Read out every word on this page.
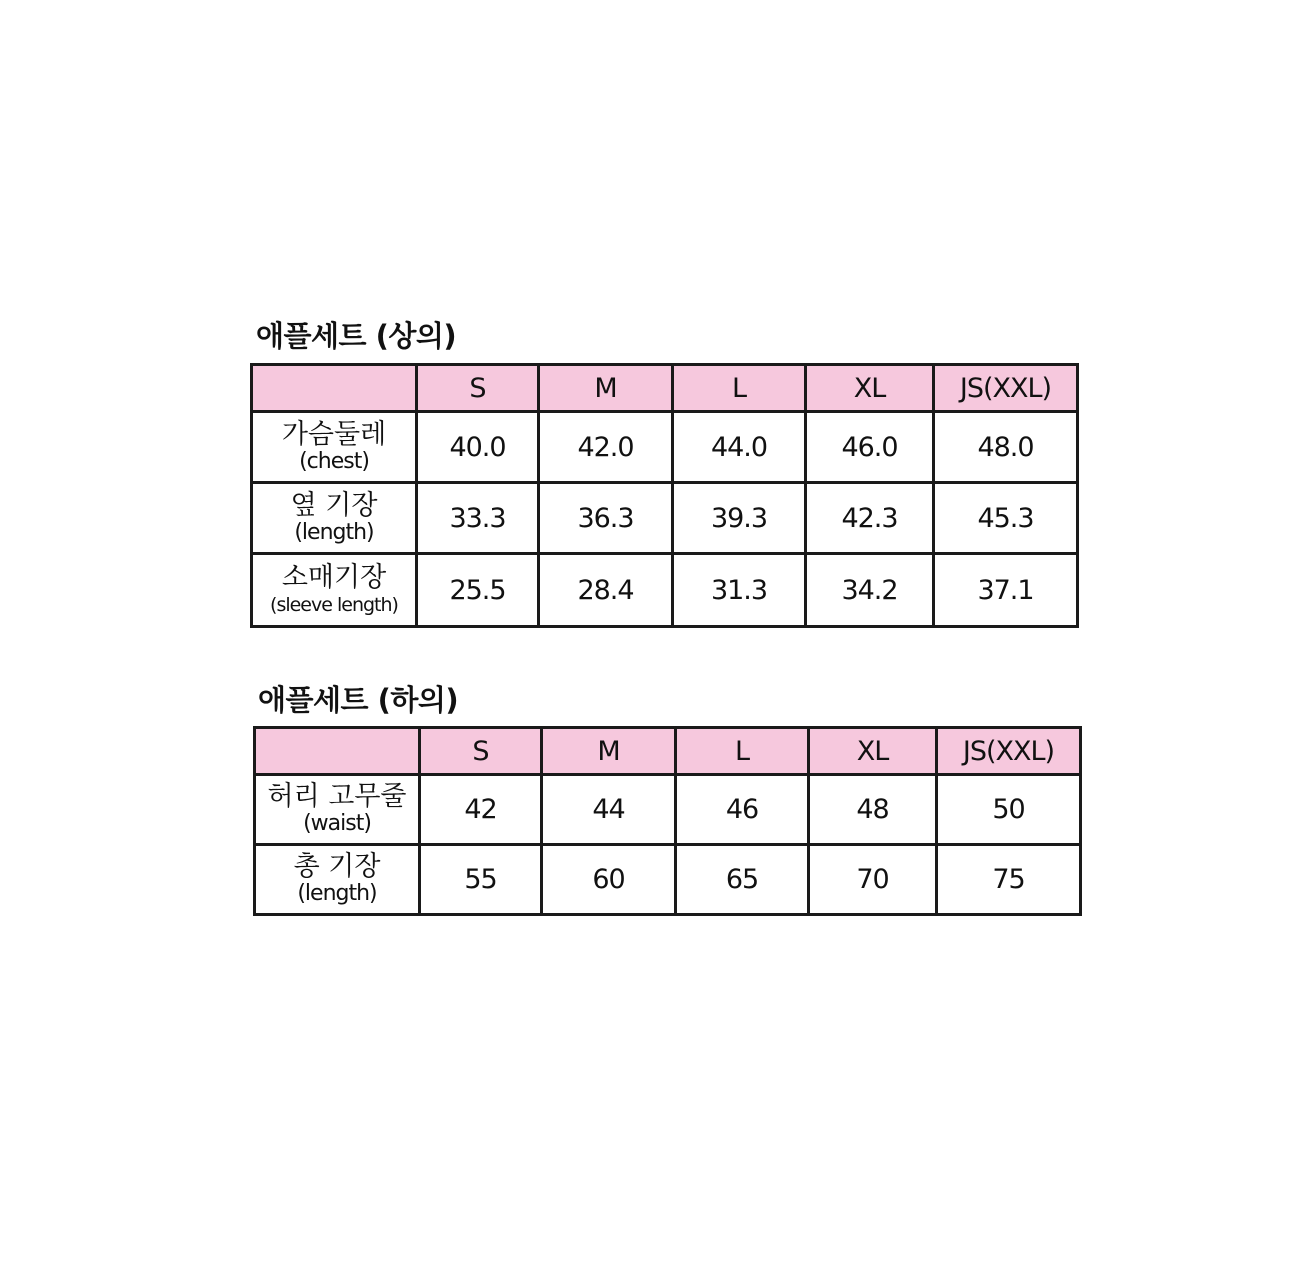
애플세트 (상의)
	S	M	L	XL	JS(XXL)

가슴둘레
(chest)	40.0	42.0	44.0	46.0	48.0

옆 기장
(length)	33.3	36.3	39.3	42.3	45.3

소매기장
(sleeve length)	25.5	28.4	31.3	34.2	37.1
애플세트 (하의)
	S	M	L	XL	JS(XXL)

허리 고무줄
(waist)	42	44	46	48	50

총 기장
(length)	55	60	65	70	75
